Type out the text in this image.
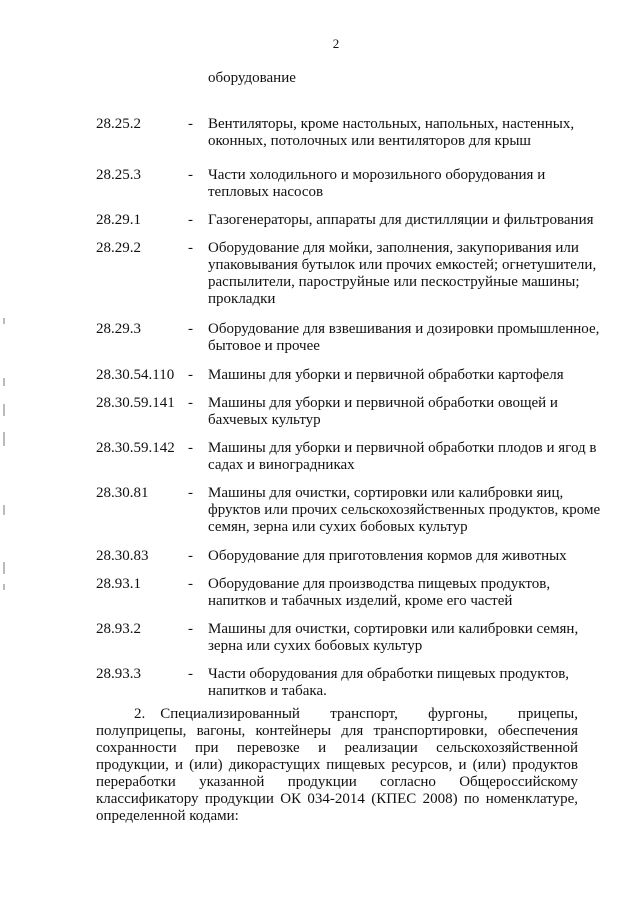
2
оборудование
28.25.2	- Вентиляторы, кроме настольных, напольных, настенных, оконных, потолочных или вентиляторов для крыш
28.25.3	- Части холодильного и морозильного оборудования и тепловых насосов
28.29.1	- Газогенераторы, аппараты для дистилляции и фильтрования
28.29.2	- Оборудование для мойки, заполнения, закупоривания или упаковывания бутылок или прочих емкостей; огнетушители, распылители, пароструйные или пескоструйные машины; прокладки
28.29.3	- Оборудование для взвешивания и дозировки промышленное, бытовое и прочее
28.30.54.110 - Машины для уборки и первичной обработки картофеля
28.30.59.141 - Машины для уборки и первичной обработки овощей и бахчевых культур
28.30.59.142 - Машины для уборки и первичной обработки плодов и ягод в садах и виноградниках
28.30.81	- Машины для очистки, сортировки или калибровки яиц, фруктов или прочих сельскохозяйственных продуктов, кроме семян, зерна или сухих бобовых культур
28.30.83	- Оборудование для приготовления кормов для животных
28.93.1	- Оборудование для производства пищевых продуктов, напитков и табачных изделий, кроме его частей
28.93.2	- Машины для очистки, сортировки или калибровки семян, зерна или сухих бобовых культур
28.93.3	- Части оборудования для обработки пищевых продуктов, напитков и табака.
2. Специализированный транспорт, фургоны, прицепы, полуприцепы, вагоны, контейнеры для транспортировки, обеспечения сохранности при перевозке и реализации сельскохозяйственной продукции, и (или) дикорастущих пищевых ресурсов, и (или) продуктов переработки указанной продукции согласно Общероссийскому классификатору продукции ОК 034-2014 (КПЕС 2008) по номенклатуре, определенной кодами:
